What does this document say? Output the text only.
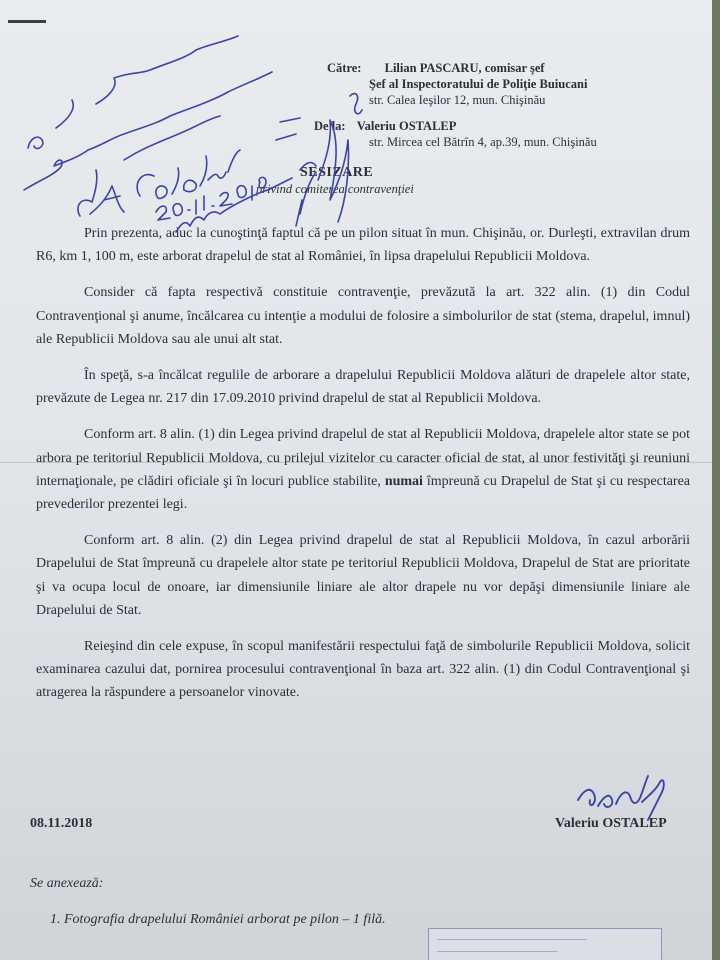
Către: Lilian PASCARU, comisar şef
Şef al Inspectoratului de Poliţie Buiucani
str. Calea Ieşilor 12, mun. Chişinău
De la: Valeriu OSTALEP
str. Mircea cel Bătrîn 4, ap.39, mun. Chişinău
SESIZARE
privind comiterea contravenţiei

Prin prezenta, aduc la cunoştinţă faptul că pe un pilon situat în mun. Chişinău, or. Durleşti, extravilan drum R6, km 1, 100 m, este arborat drapelul de stat al României, în lipsa drapelului Republicii Moldova.

Consider că fapta respectivă constituie contravenţie, prevăzută la art. 322 alin. (1) din Codul Contravenţional şi anume, încălcarea cu intenţie a modului de folosire a simbolurilor de stat (stema, drapelul, imnul) ale Republicii Moldova sau ale unui alt stat.

În speţă, s-a încălcat regulile de arborare a drapelului Republicii Moldova alături de drapelele altor state, prevăzute de Legea nr. 217 din 17.09.2010 privind drapelul de stat al Republicii Moldova.

Conform art. 8 alin. (1) din Legea privind drapelul de stat al Republicii Moldova, drapelele altor state se pot arbora pe teritoriul Republicii Moldova, cu prilejul vizitelor cu caracter oficial de stat, al unor festivităţi şi reuniuni internaţionale, pe clădiri oficiale şi în locuri publice stabilite, numai împreună cu Drapelul de Stat şi cu respectarea prevederilor prezentei legi.

Conform art. 8 alin. (2) din Legea privind drapelul de stat al Republicii Moldova, în cazul arborării Drapelului de Stat împreună cu drapelele altor state pe teritoriul Republicii Moldova, Drapelul de Stat are prioritate şi va ocupa locul de onoare, iar dimensiunile liniare ale altor drapele nu vor depăşi dimensiunile liniare ale Drapelului de Stat.

Reieşind din cele expuse, în scopul manifestării respectului faţă de simbolurile Republicii Moldova, solicit examinarea cazului dat, pornirea procesului contravenţional în baza art. 322 alin. (1) din Codul Contravenţional şi atragerea la răspundere a persoanelor vinovate.

08.11.2018	Valeriu OSTALEP
Se anexează:
1. Fotografia drapelului României arborat pe pilon – 1 filă.
